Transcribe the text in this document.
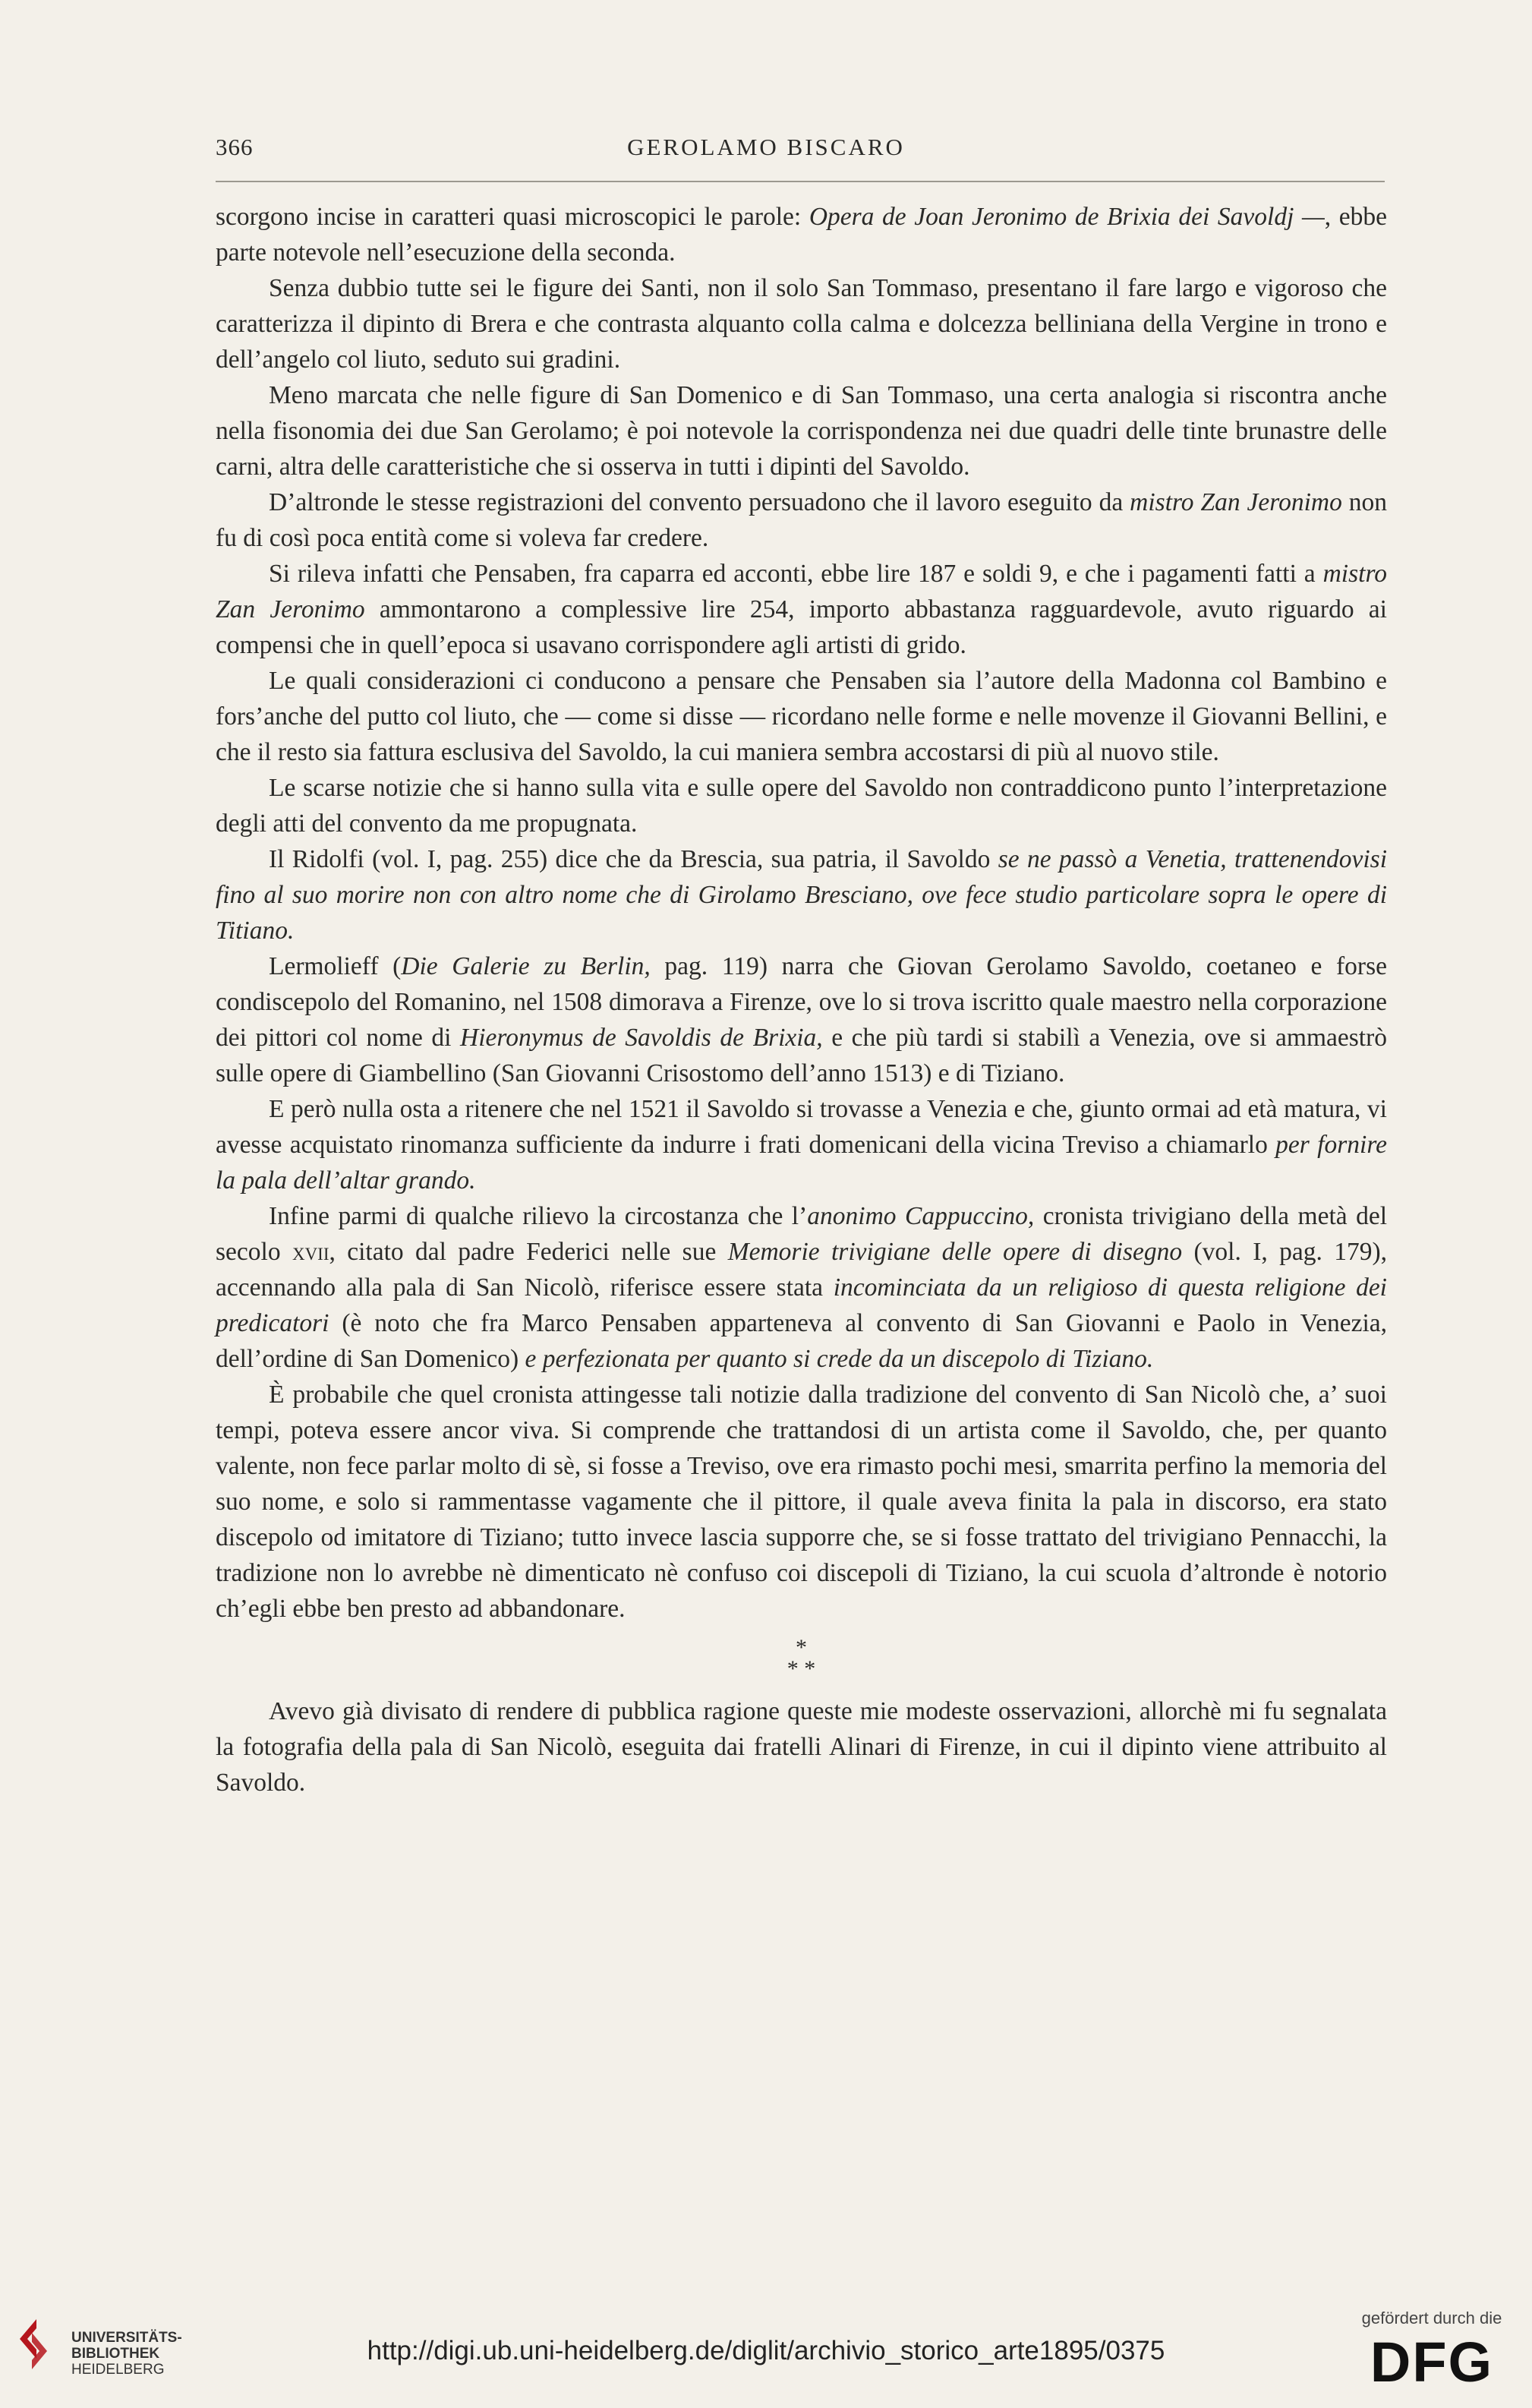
GEROLAMO BISCARO
366

scorgono incise in caratteri quasi microscopici le parole: Opera de Joan Jeronimo de Brixia dei Savoldj —, ebbe parte notevole nell’esecuzione della seconda.

Senza dubbio tutte sei le figure dei Santi, non il solo San Tommaso, presentano il fare largo e vigoroso che caratterizza il dipinto di Brera e che contrasta alquanto colla calma e dolcezza belliniana della Vergine in trono e dell’angelo col liuto, seduto sui gradini.

Meno marcata che nelle figure di San Domenico e di San Tommaso, una certa analogia si riscontra anche nella fisonomia dei due San Gerolamo; è poi notevole la corrispondenza nei due quadri delle tinte brunastre delle carni, altra delle caratteristiche che si osserva in tutti i dipinti del Savoldo.

D’altronde le stesse registrazioni del convento persuadono che il lavoro eseguito da mistro Zan Jeronimo non fu di così poca entità come si voleva far credere.

Si rileva infatti che Pensaben, fra caparra ed acconti, ebbe lire 187 e soldi 9, e che i pagamenti fatti a mistro Zan Jeronimo ammontarono a complessive lire 254, importo abbastanza ragguardevole, avuto riguardo ai compensi che in quell’epoca si usavano corrispondere agli artisti di grido.

Le quali considerazioni ci conducono a pensare che Pensaben sia l’autore della Madonna col Bambino e fors’anche del putto col liuto, che — come si disse — ricordano nelle forme e nelle movenze il Giovanni Bellini, e che il resto sia fattura esclusiva del Savoldo, la cui maniera sembra accostarsi di più al nuovo stile.

Le scarse notizie che si hanno sulla vita e sulle opere del Savoldo non contraddicono punto l’interpretazione degli atti del convento da me propugnata.

Il Ridolfi (vol. I, pag. 255) dice che da Brescia, sua patria, il Savoldo se ne passò a Venetia, trattenendovisi fino al suo morire non con altro nome che di Girolamo Bresciano, ove fece studio particolare sopra le opere di Titiano.

Lermolieff (Die Galerie zu Berlin, pag. 119) narra che Giovan Gerolamo Savoldo, coetaneo e forse condiscepolo del Romanino, nel 1508 dimorava a Firenze, ove lo si trova iscritto quale maestro nella corporazione dei pittori col nome di Hieronymus de Savoldis de Brixia, e che più tardi si stabilì a Venezia, ove si ammaestrò sulle opere di Giambellino (San Giovanni Crisostomo dell’anno 1513) e di Tiziano.

E però nulla osta a ritenere che nel 1521 il Savoldo si trovasse a Venezia e che, giunto ormai ad età matura, vi avesse acquistato rinomanza sufficiente da indurre i frati domenicani della vicina Treviso a chiamarlo per fornire la pala dell’altar grando.

Infine parmi di qualche rilievo la circostanza che l’anonimo Cappuccino, cronista trivigiano della metà del secolo xvii, citato dal padre Federici nelle sue Memorie trivigiane delle opere di disegno (vol. I, pag. 179), accennando alla pala di San Nicolò, riferisce essere stata incominciata da un religioso di questa religione dei predicatori (è noto che fra Marco Pensaben apparteneva al convento di San Giovanni e Paolo in Venezia, dell’ordine di San Domenico) e perfezionata per quanto si crede da un discepolo di Tiziano.

È probabile che quel cronista attingesse tali notizie dalla tradizione del convento di San Nicolò che, a’ suoi tempi, poteva essere ancor viva. Si comprende che trattandosi di un artista come il Savoldo, che, per quanto valente, non fece parlar molto di sè, si fosse a Treviso, ove era rimasto pochi mesi, smarrita perfino la memoria del suo nome, e solo si rammentasse vagamente che il pittore, il quale aveva finita la pala in discorso, era stato discepolo od imitatore di Tiziano; tutto invece lascia supporre che, se si fosse trattato del trivigiano Pennacchi, la tradizione non lo avrebbe nè dimenticato nè confuso coi discepoli di Tiziano, la cui scuola d’altronde è notorio ch’egli ebbe ben presto ad abbandonare.

*
* *

Avevo già divisato di rendere di pubblica ragione queste mie modeste osservazioni, allorchè mi fu segnalata la fotografia della pala di San Nicolò, eseguita dai fratelli Alinari di Firenze, in cui il dipinto viene attribuito al Savoldo.

UNIVERSITÄTS-
BIBLIOTHEK
HEIDELBERG
http://digi.ub.uni-heidelberg.de/diglit/archivio_storico_arte1895/0375
gefördert durch die
DFG
